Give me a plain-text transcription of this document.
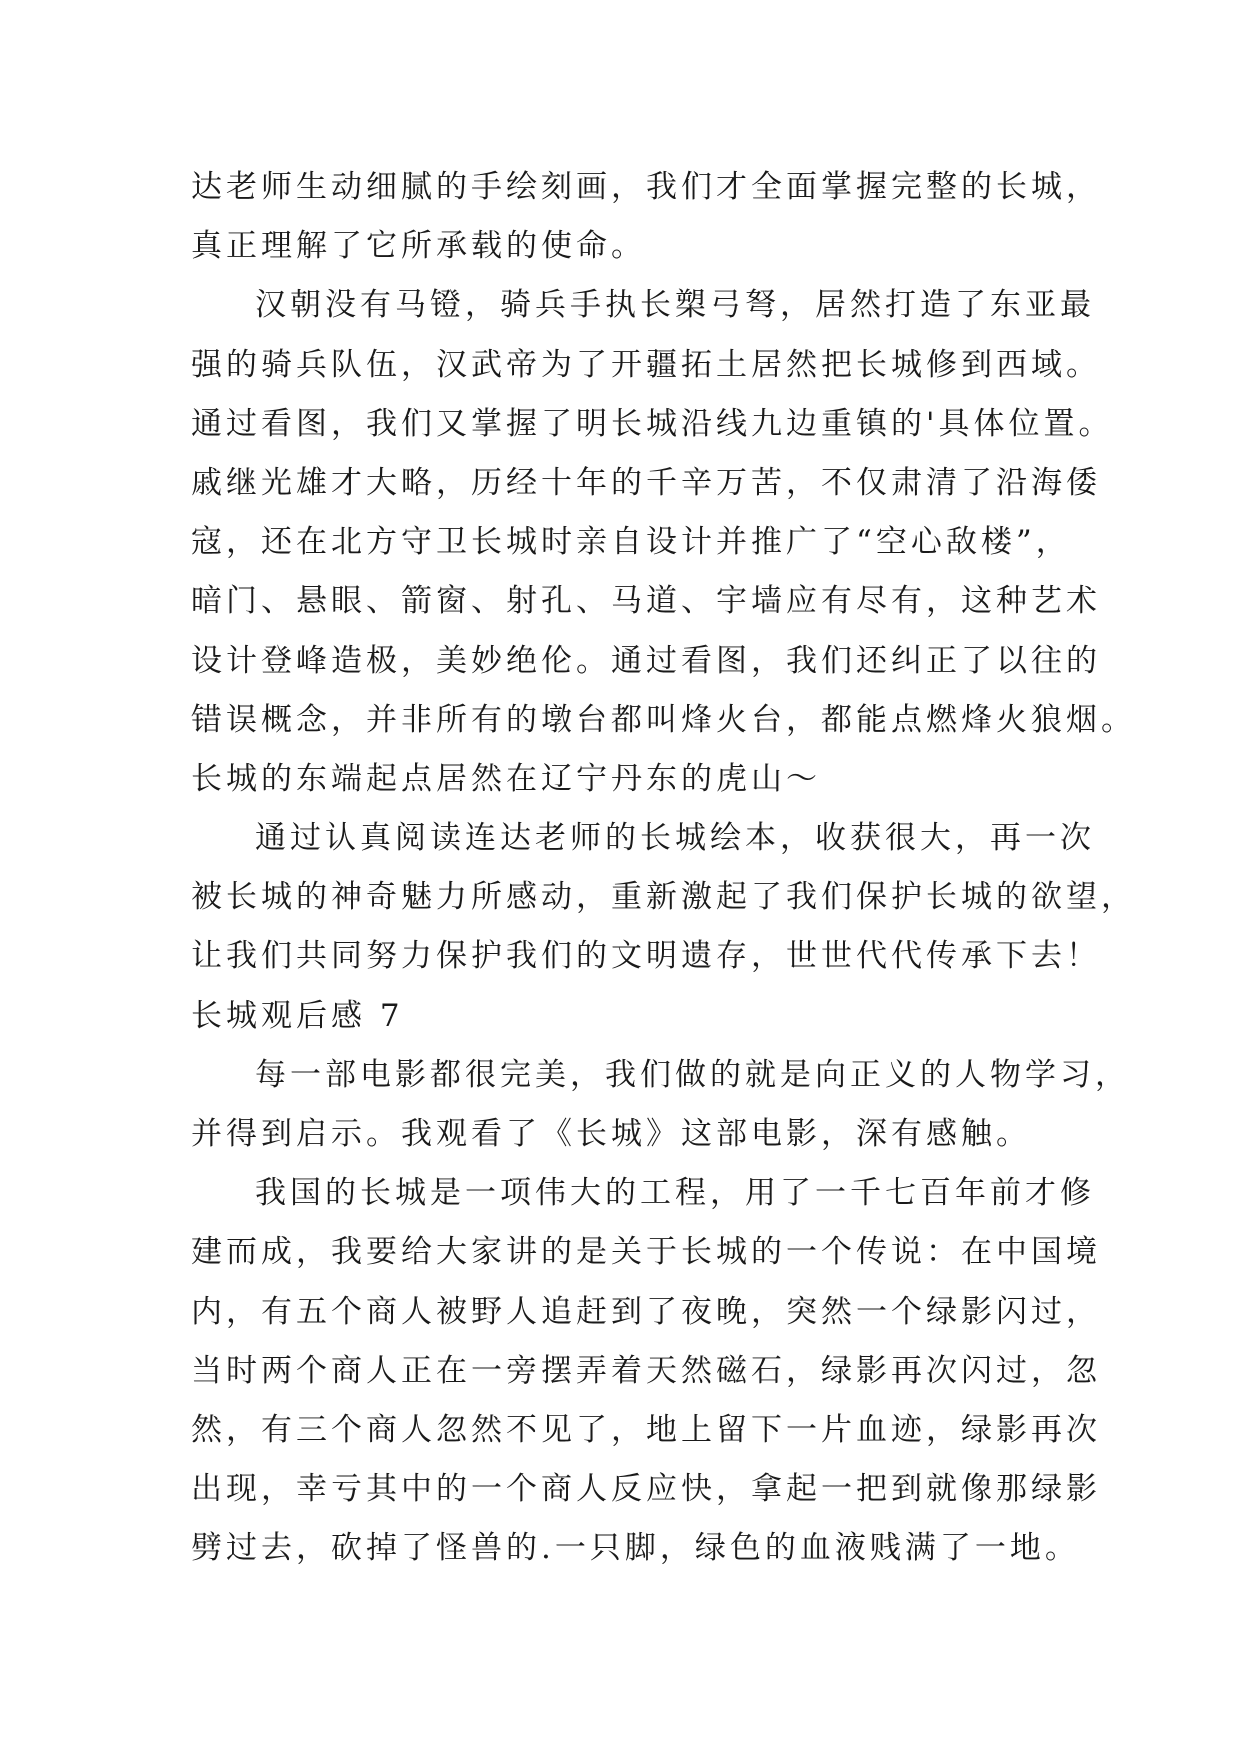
达老师生动细腻的手绘刻画，我们才全面掌握完整的长城，
真正理解了它所承载的使命。
汉朝没有马镫，骑兵手执长槊弓弩，居然打造了东亚最
强的骑兵队伍，汉武帝为了开疆拓土居然把长城修到西域。
通过看图，我们又掌握了明长城沿线九边重镇的'具体位置。
戚继光雄才大略，历经十年的千辛万苦，不仅肃清了沿海倭
寇，还在北方守卫长城时亲自设计并推广了“空心敌楼”，
暗门、悬眼、箭窗、射孔、马道、宇墙应有尽有，这种艺术
设计登峰造极，美妙绝伦。通过看图，我们还纠正了以往的
错误概念，并非所有的墩台都叫烽火台，都能点燃烽火狼烟。
长城的东端起点居然在辽宁丹东的虎山～
通过认真阅读连达老师的长城绘本，收获很大，再一次
被长城的神奇魅力所感动，重新激起了我们保护长城的欲望，
让我们共同努力保护我们的文明遗存，世世代代传承下去！
长城观后感 7
每一部电影都很完美，我们做的就是向正义的人物学习，
并得到启示。我观看了《长城》这部电影，深有感触。
我国的长城是一项伟大的工程，用了一千七百年前才修
建而成，我要给大家讲的是关于长城的一个传说：在中国境
内，有五个商人被野人追赶到了夜晚，突然一个绿影闪过，
当时两个商人正在一旁摆弄着天然磁石，绿影再次闪过，忽
然，有三个商人忽然不见了，地上留下一片血迹，绿影再次
出现，幸亏其中的一个商人反应快，拿起一把到就像那绿影
劈过去，砍掉了怪兽的.一只脚，绿色的血液贱满了一地。
